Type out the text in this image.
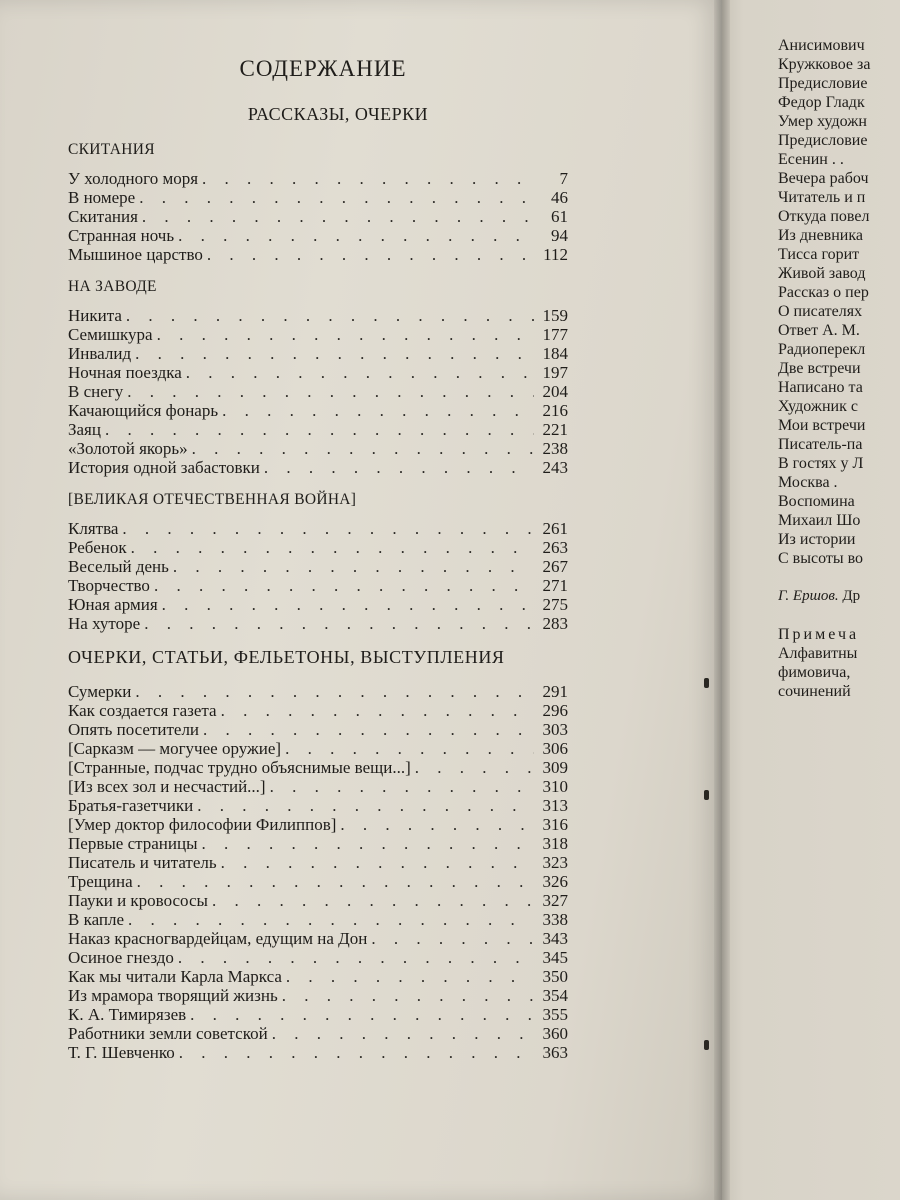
СОДЕРЖАНИЕ
РАССКАЗЫ, ОЧЕРКИ
СКИТАНИЯ
У холодного моря . . .	7
В номере . . .	46
Скитания . . .	61
Странная ночь . . .	94
Мышиное царство . . .	112
НА ЗАВОДЕ
Никита . . .	159
Семишкура . . .	177
Инвалид . . .	184
Ночная поездка . . .	197
В снегу . . .	204
Качающийся фонарь . . .	216
Заяц . . .	221
«Золотой якорь» . . .	238
История одной забастовки . . .	243
[ВЕЛИКАЯ ОТЕЧЕСТВЕННАЯ ВОЙНА]
Клятва . . .	261
Ребенок . . .	263
Веселый день . . .	267
Творчество . . .	271
Юная армия . . .	275
На хуторе . . .	283
ОЧЕРКИ, СТАТЬИ, ФЕЛЬЕТОНЫ, ВЫСТУПЛЕНИЯ
Сумерки . . .	291
Как создается газета . . .	296
Опять посетители . . .	303
[Сарказм — могучее оружие] . . .	306
[Странные, подчас трудно объяснимые вещи...] . . .	309
[Из всех зол и несчастий...] . . .	310
Братья-газетчики . . .	313
[Умер доктор философии Филиппов] . . .	316
Первые страницы . . .	318
Писатель и читатель . . .	323
Трещина . . .	326
Пауки и кровососы . . .	327
В капле . . .	338
Наказ красногвардейцам, едущим на Дон . . .	343
Осиное гнездо . . .	345
Как мы читали Карла Маркса . . .	350
Из мрамора творящий жизнь . . .	354
К. А. Тимирязев . . .	355
Работники земли советской . . .	360
Т. Г. Шевченко . . .	363
Анисимович
Кружковое за
Предисловие
Федор Гладк
Умер художн
Предисловие
Есенин . .
Вечера рабоч
Читатель и п
Откуда повел
Из дневника
Тисса горит
Живой завод
Рассказ о пер
О писателях
Ответ А. М.
Радиоперекл
Две встречи
Написано та
Художник с
Мои встречи
Писатель-па
В гостях у Л
Москва .
Воспомина
Михаил Шо
Из истории
С высоты во
Г. Ершов. Др
Примеча
Алфавитны
фимовича,
сочинений
